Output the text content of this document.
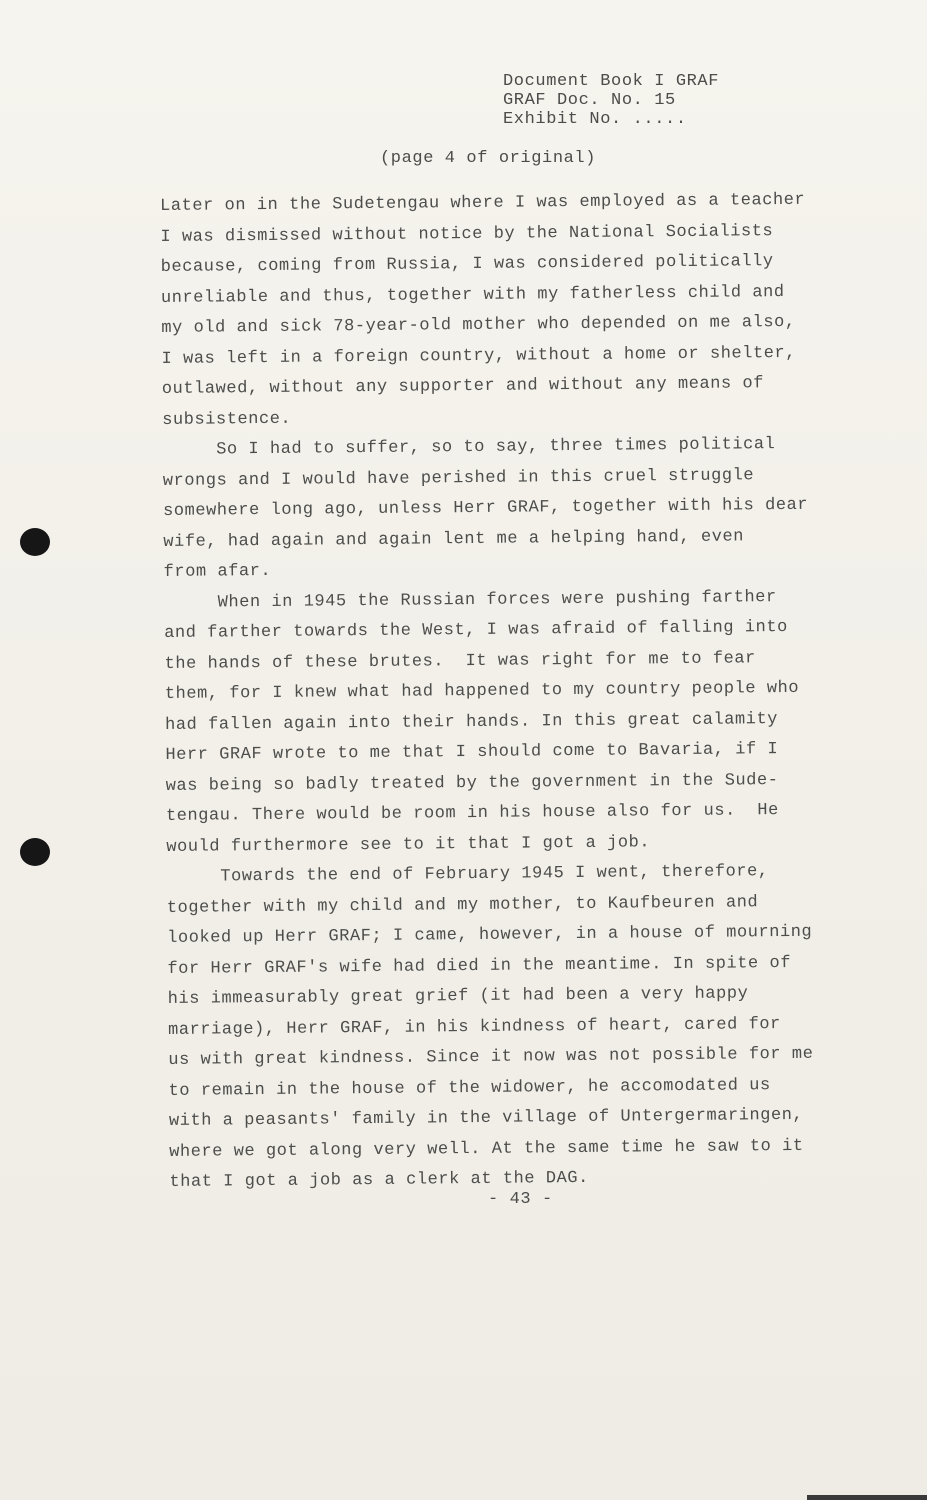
Document Book I GRAF
GRAF Doc. No. 15
Exhibit No. .....
(page 4 of original)
Later on in the Sudetengau where I was employed as a teacher
I was dismissed without notice by the National Socialists
because, coming from Russia, I was considered politically
unreliable and thus, together with my fatherless child and
my old and sick 78-year-old mother who depended on me also,
I was left in a foreign country, without a home or shelter,
outlawed, without any supporter and without any means of
subsistence.
So I had to suffer, so to say, three times political
wrongs and I would have perished in this cruel struggle
somewhere long ago, unless Herr GRAF, together with his dear
wife, had again and again lent me a helping hand, even
from afar.
When in 1945 the Russian forces were pushing farther
and farther towards the West, I was afraid of falling into
the hands of these brutes.  It was right for me to fear
them, for I knew what had happened to my country people who
had fallen again into their hands. In this great calamity
Herr GRAF wrote to me that I should come to Bavaria, if I
was being so badly treated by the government in the Sude-
tengau. There would be room in his house also for us.  He
would furthermore see to it that I got a job.
Towards the end of February 1945 I went, therefore,
together with my child and my mother, to Kaufbeuren and
looked up Herr GRAF; I came, however, in a house of mourning
for Herr GRAF's wife had died in the meantime. In spite of
his immeasurably great grief (it had been a very happy
marriage), Herr GRAF, in his kindness of heart, cared for
us with great kindness. Since it now was not possible for me
to remain in the house of the widower, he accomodated us
with a peasants' family in the village of Untergermaringen,
where we got along very well. At the same time he saw to it
that I got a job as a clerk at the DAG.
- 43 -
